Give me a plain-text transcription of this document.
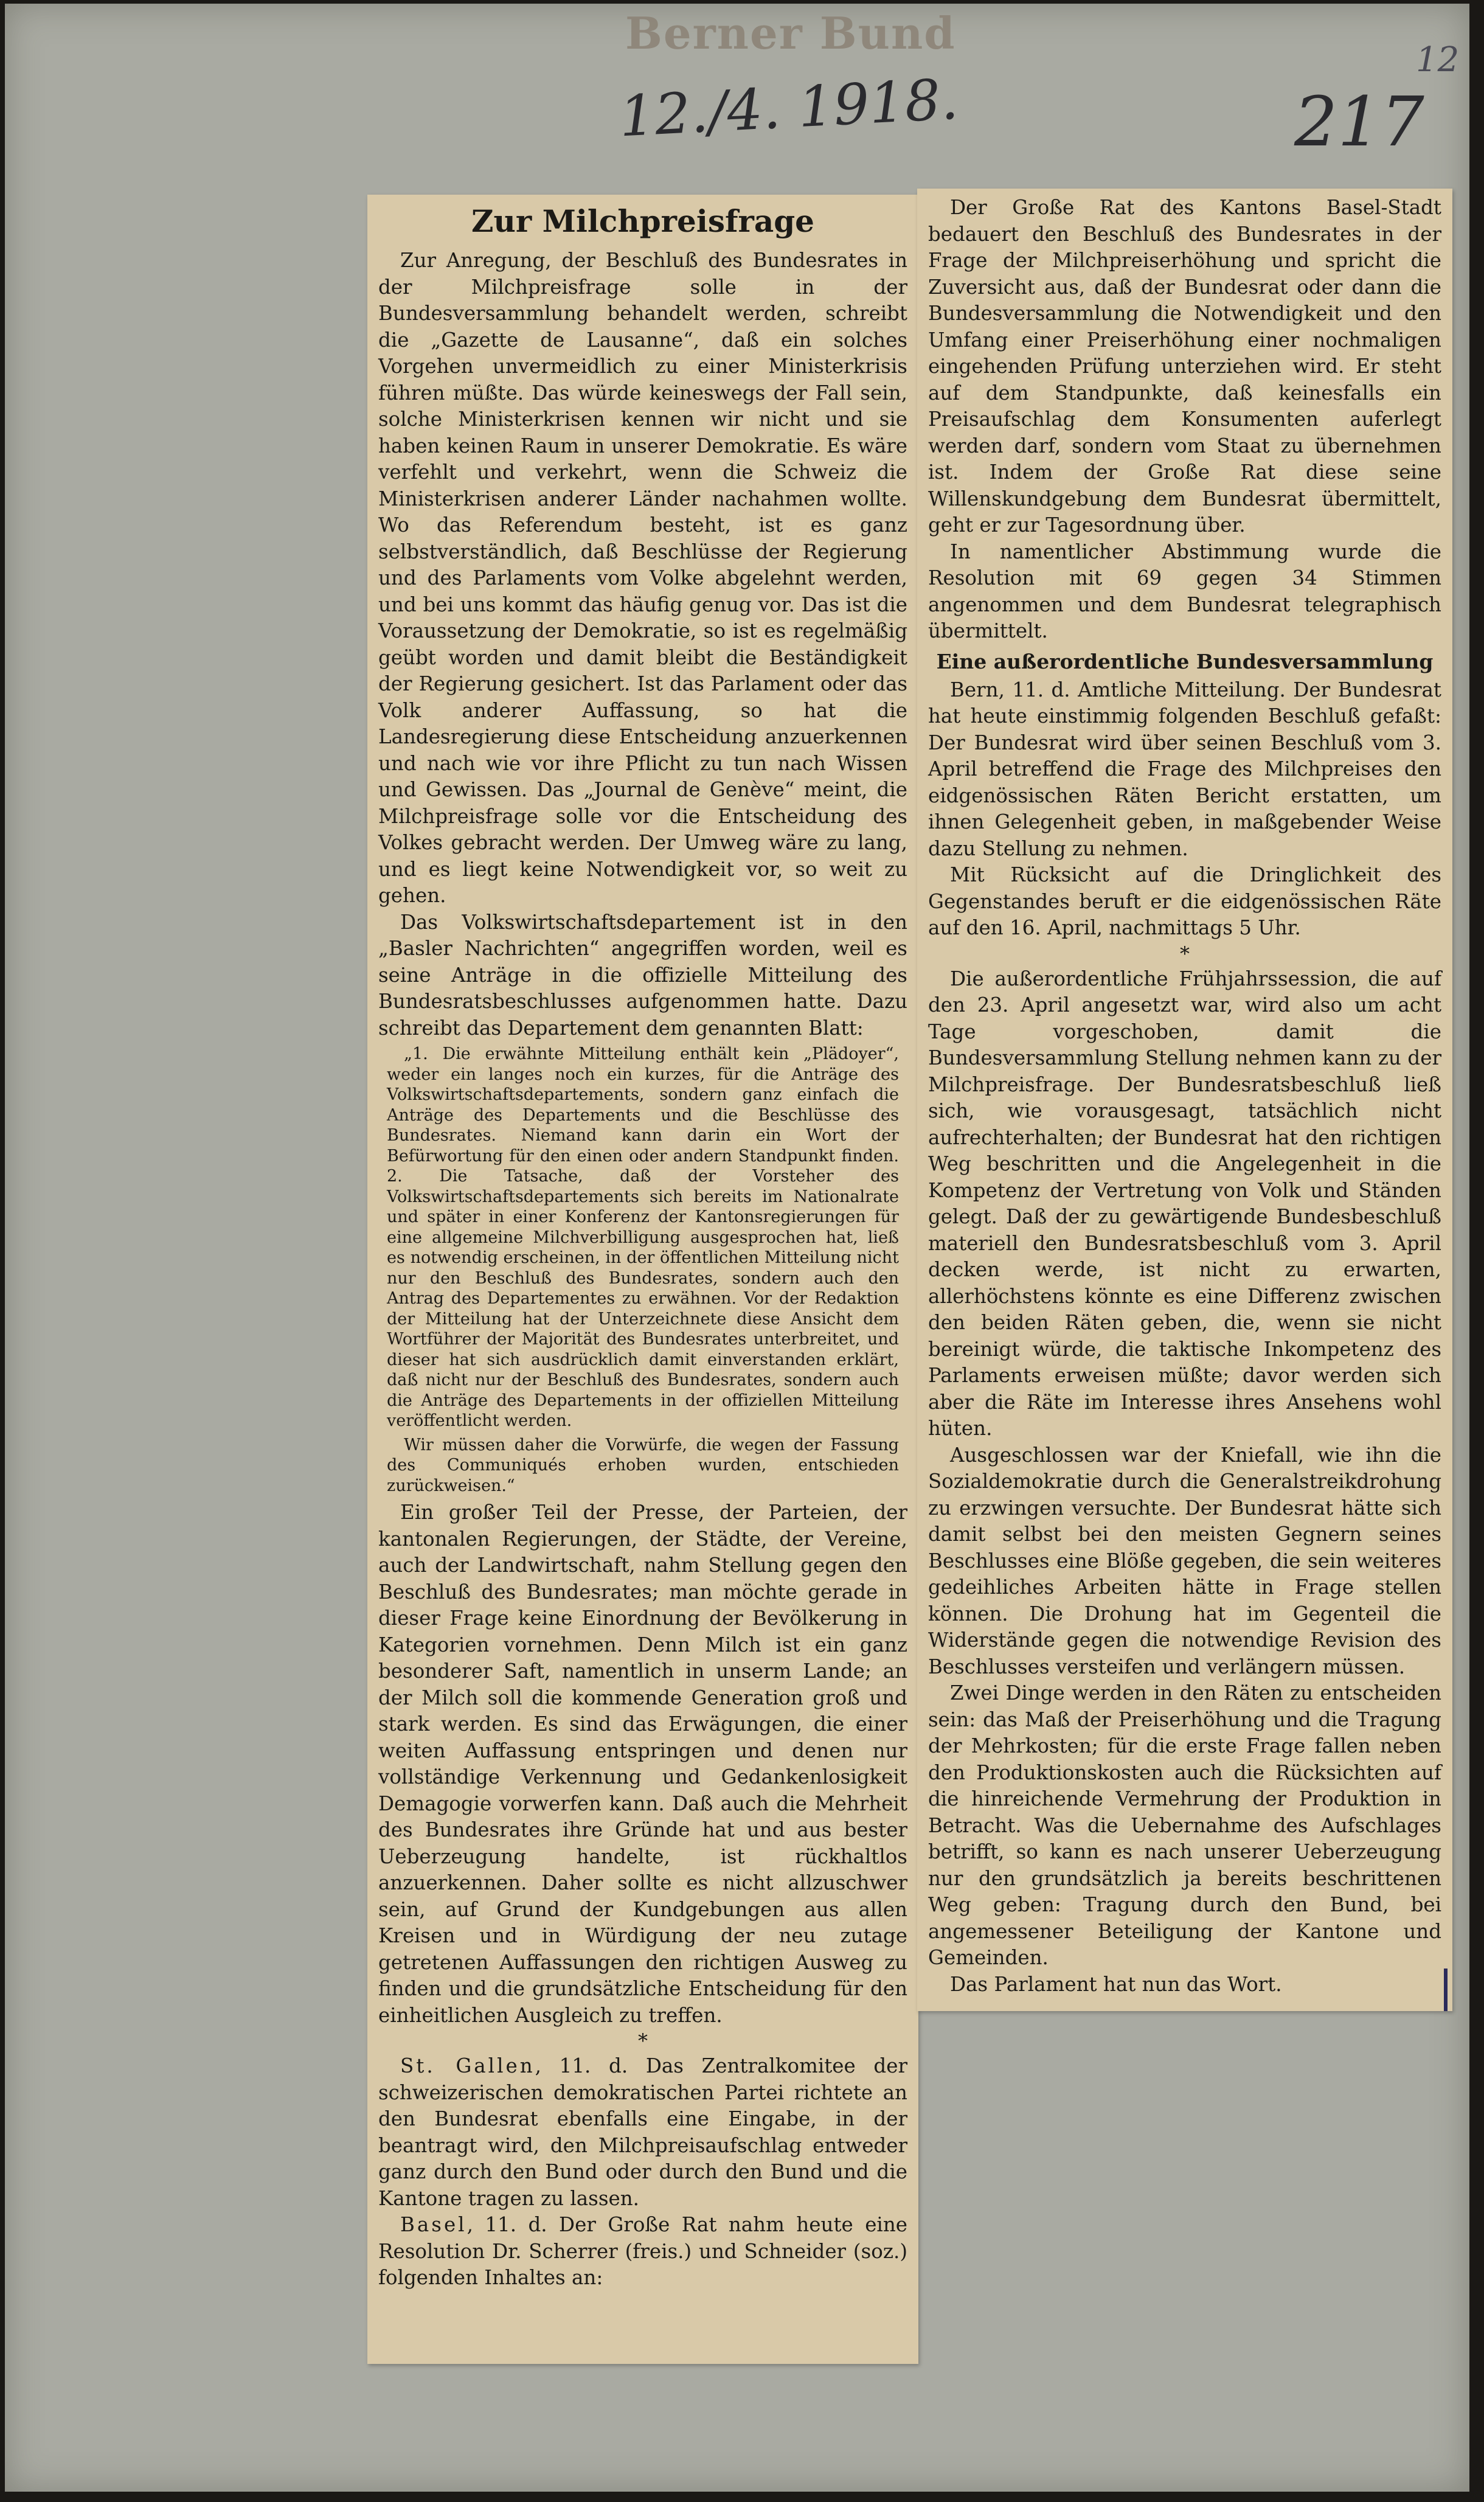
Berner Bund
12./4. 1918.	217
12
Zur Milchpreisfrage

Zur Anregung, der Beschluß des Bundesrates in der Milchpreisfrage solle in der Bundesversammlung behandelt werden, schreibt die „Gazette de Lausanne“, daß ein solches Vorgehen unvermeidlich zu einer Ministerkrisis führen müßte. Das würde keineswegs der Fall sein, solche Ministerkrisen kennen wir nicht und sie haben keinen Raum in unserer Demokratie. Es wäre verfehlt und verkehrt, wenn die Schweiz die Ministerkrisen anderer Länder nachahmen wollte. Wo das Referendum besteht, ist es ganz selbstverständlich, daß Beschlüsse der Regierung und des Parlaments vom Volke abgelehnt werden, und bei uns kommt das häufig genug vor. Das ist die Voraussetzung der Demokratie, so ist es regelmäßig geübt worden und damit bleibt die Beständigkeit der Regierung gesichert. Ist das Parlament oder das Volk anderer Auffassung, so hat die Landesregierung diese Entscheidung anzuerkennen und nach wie vor ihre Pflicht zu tun nach Wissen und Gewissen. Das „Journal de Genève“ meint, die Milchpreisfrage solle vor die Entscheidung des Volkes gebracht werden. Der Umweg wäre zu lang, und es liegt keine Notwendigkeit vor, so weit zu gehen.

Das Volkswirtschaftsdepartement ist in den „Basler Nachrichten“ angegriffen worden, weil es seine Anträge in die offizielle Mitteilung des Bundesratsbeschlusses aufgenommen hatte. Dazu schreibt das Departement dem genannten Blatt:

„1. Die erwähnte Mitteilung enthält kein „Plädoyer“, weder ein langes noch ein kurzes, für die Anträge des Volkswirtschaftsdepartements, sondern ganz einfach die Anträge des Departements und die Beschlüsse des Bundesrates. Niemand kann darin ein Wort der Befürwortung für den einen oder andern Standpunkt finden. 2. Die Tatsache, daß der Vorsteher des Volkswirtschaftsdepartements sich bereits im Nationalrate und später in einer Konferenz der Kantonsregierungen für eine allgemeine Milchverbilligung ausgesprochen hat, ließ es notwendig erscheinen, in der öffentlichen Mitteilung nicht nur den Beschluß des Bundesrates, sondern auch den Antrag des Departementes zu erwähnen. Vor der Redaktion der Mitteilung hat der Unterzeichnete diese Ansicht dem Wortführer der Majorität des Bundesrates unterbreitet, und dieser hat sich ausdrücklich damit einverstanden erklärt, daß nicht nur der Beschluß des Bundesrates, sondern auch die Anträge des Departements in der offiziellen Mitteilung veröffentlicht werden.

Wir müssen daher die Vorwürfe, die wegen der Fassung des Communiqués erhoben wurden, entschieden zurückweisen.“

Ein großer Teil der Presse, der Parteien, der kantonalen Regierungen, der Städte, der Vereine, auch der Landwirtschaft, nahm Stellung gegen den Beschluß des Bundesrates; man möchte gerade in dieser Frage keine Einordnung der Bevölkerung in Kategorien vornehmen. Denn Milch ist ein ganz besonderer Saft, namentlich in unserm Lande; an der Milch soll die kommende Generation groß und stark werden. Es sind das Erwägungen, die einer weiten Auffassung entspringen und denen nur vollständige Verkennung und Gedankenlosigkeit Demagogie vorwerfen kann. Daß auch die Mehrheit des Bundesrates ihre Gründe hat und aus bester Ueberzeugung handelte, ist rückhaltlos anzuerkennen. Daher sollte es nicht allzuschwer sein, auf Grund der Kundgebungen aus allen Kreisen und in Würdigung der neu zutage getretenen Auffassungen den richtigen Ausweg zu finden und die grundsätzliche Entscheidung für den einheitlichen Ausgleich zu treffen.

*

St. Gallen, 11. d. Das Zentralkomitee der schweizerischen demokratischen Partei richtete an den Bundesrat ebenfalls eine Eingabe, in der beantragt wird, den Milchpreisaufschlag entweder ganz durch den Bund oder durch den Bund und die Kantone tragen zu lassen.

Basel, 11. d. Der Große Rat nahm heute eine Resolution Dr. Scherrer (freis.) und Schneider (soz.) folgenden Inhaltes an:

Der Große Rat des Kantons Basel-Stadt bedauert den Beschluß des Bundesrates in der Frage der Milchpreiserhöhung und spricht die Zuversicht aus, daß der Bundesrat oder dann die Bundesversammlung die Notwendigkeit und den Umfang einer Preiserhöhung einer nochmaligen eingehenden Prüfung unterziehen wird. Er steht auf dem Standpunkte, daß keinesfalls ein Preisaufschlag dem Konsumenten auferlegt werden darf, sondern vom Staat zu übernehmen ist. Indem der Große Rat diese seine Willenskundgebung dem Bundesrat übermittelt, geht er zur Tagesordnung über.

In namentlicher Abstimmung wurde die Resolution mit 69 gegen 34 Stimmen angenommen und dem Bundesrat telegraphisch übermittelt.

Eine außerordentliche Bundesversammlung

Bern, 11. d. Amtliche Mitteilung. Der Bundesrat hat heute einstimmig folgenden Beschluß gefaßt: Der Bundesrat wird über seinen Beschluß vom 3. April betreffend die Frage des Milchpreises den eidgenössischen Räten Bericht erstatten, um ihnen Gelegenheit geben, in maßgebender Weise dazu Stellung zu nehmen.

Mit Rücksicht auf die Dringlichkeit des Gegenstandes beruft er die eidgenössischen Räte auf den 16. April, nachmittags 5 Uhr.

*

Die außerordentliche Frühjahrssession, die auf den 23. April angesetzt war, wird also um acht Tage vorgeschoben, damit die Bundesversammlung Stellung nehmen kann zu der Milchpreisfrage. Der Bundesratsbeschluß ließ sich, wie vorausgesagt, tatsächlich nicht aufrechterhalten; der Bundesrat hat den richtigen Weg beschritten und die Angelegenheit in die Kompetenz der Vertretung von Volk und Ständen gelegt. Daß der zu gewärtigende Bundesbeschluß materiell den Bundesratsbeschluß vom 3. April decken werde, ist nicht zu erwarten, allerhöchstens könnte es eine Differenz zwischen den beiden Räten geben, die, wenn sie nicht bereinigt würde, die taktische Inkompetenz des Parlaments erweisen müßte; davor werden sich aber die Räte im Interesse ihres Ansehens wohl hüten.

Ausgeschlossen war der Kniefall, wie ihn die Sozialdemokratie durch die Generalstreikdrohung zu erzwingen versuchte. Der Bundesrat hätte sich damit selbst bei den meisten Gegnern seines Beschlusses eine Blöße gegeben, die sein weiteres gedeihliches Arbeiten hätte in Frage stellen können. Die Drohung hat im Gegenteil die Widerstände gegen die notwendige Revision des Beschlusses versteifen und verlängern müssen.

Zwei Dinge werden in den Räten zu entscheiden sein: das Maß der Preiserhöhung und die Tragung der Mehrkosten; für die erste Frage fallen neben den Produktionskosten auch die Rücksichten auf die hinreichende Vermehrung der Produktion in Betracht. Was die Uebernahme des Aufschlages betrifft, so kann es nach unserer Ueberzeugung nur den grundsätzlich ja bereits beschrittenen Weg geben: Tragung durch den Bund, bei angemessener Beteiligung der Kantone und Gemeinden.

Das Parlament hat nun das Wort.
